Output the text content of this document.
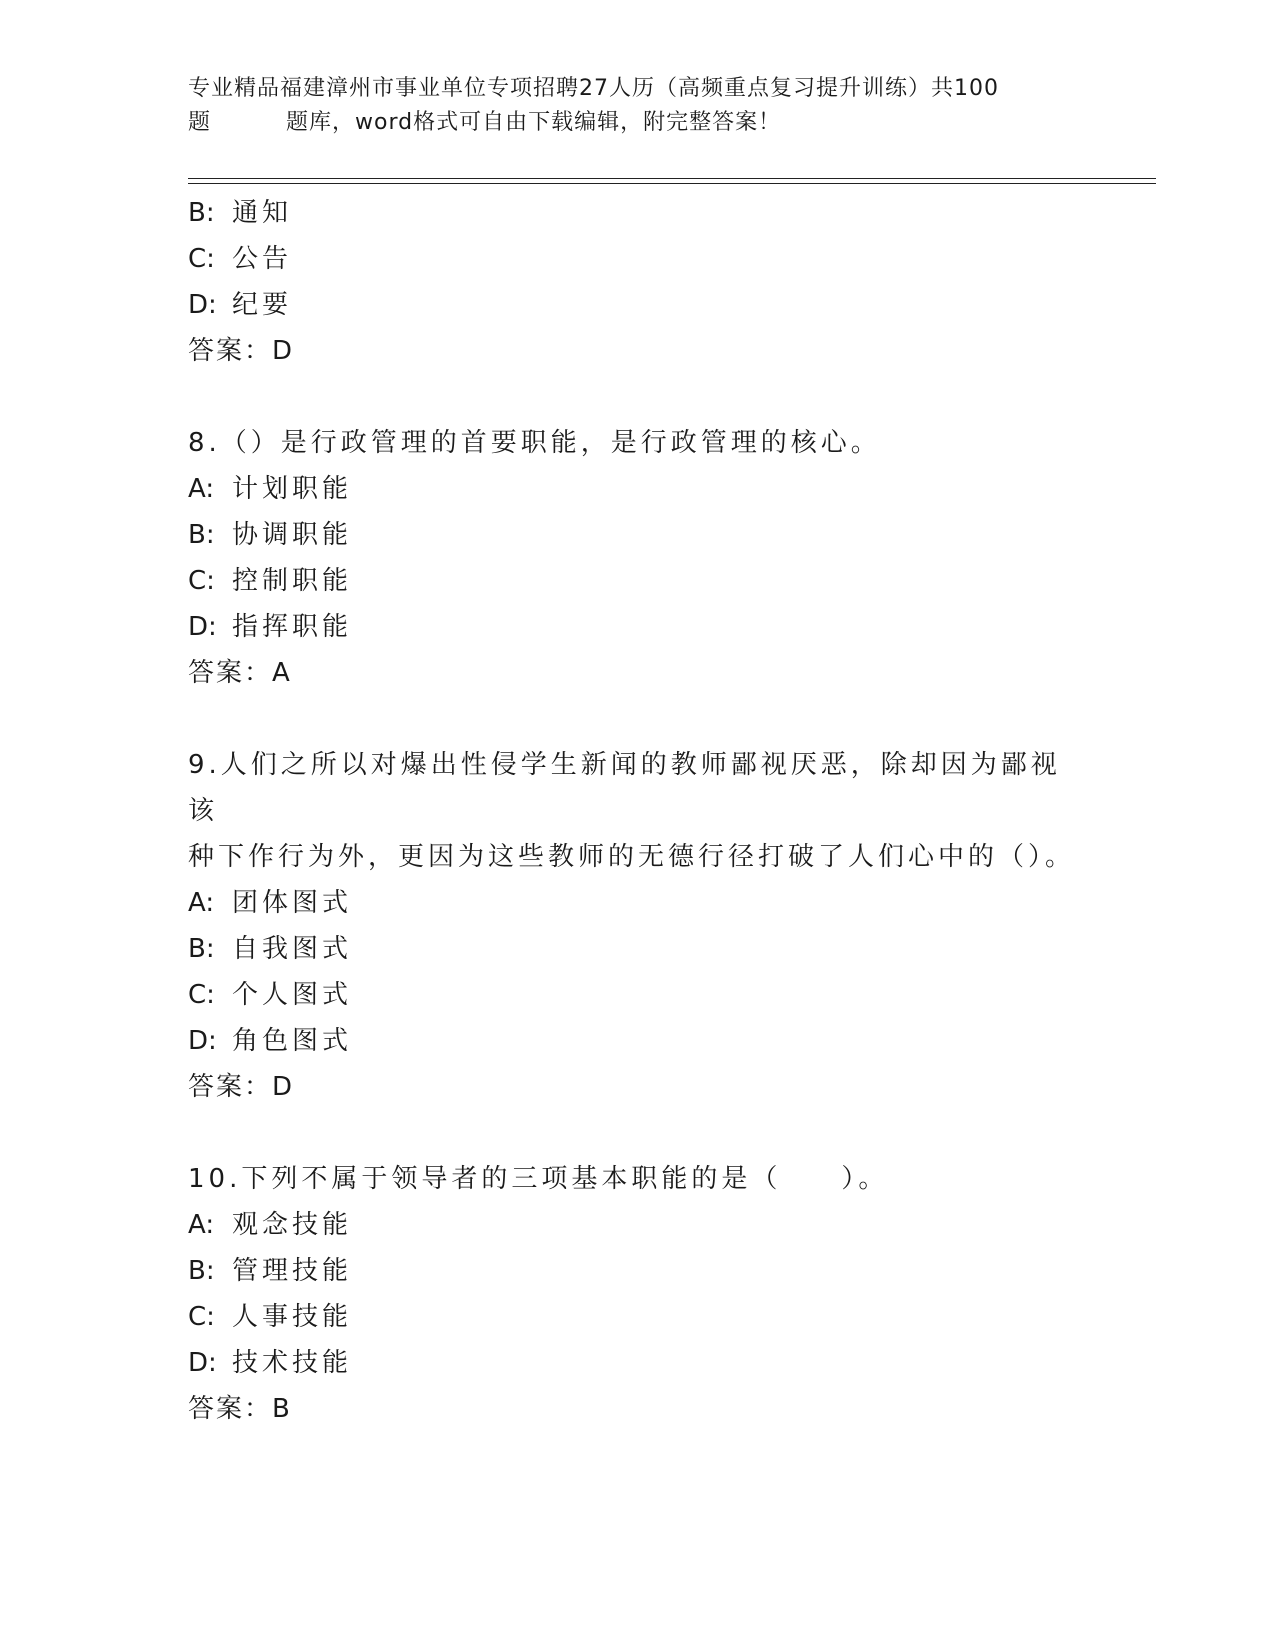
专业精品福建漳州市事业单位专项招聘27人历（高频重点复习提升训练）共100
题	题库，word格式可自由下载编辑，附完整答案！
B: 通知
C: 公告
D: 纪要
答案：D
8.（）是行政管理的首要职能，是行政管理的核心。
A: 计划职能
B: 协调职能
C: 控制职能
D: 指挥职能
答案：A
9.人们之所以对爆出性侵学生新闻的教师鄙视厌恶，除却因为鄙视该
种下作行为外，更因为这些教师的无德行径打破了人们心中的（）。
A: 团体图式
B: 自我图式
C: 个人图式
D: 角色图式
答案：D
10.下列不属于领导者的三项基本职能的是（　　）。
A: 观念技能
B: 管理技能
C: 人事技能
D: 技术技能
答案：B
